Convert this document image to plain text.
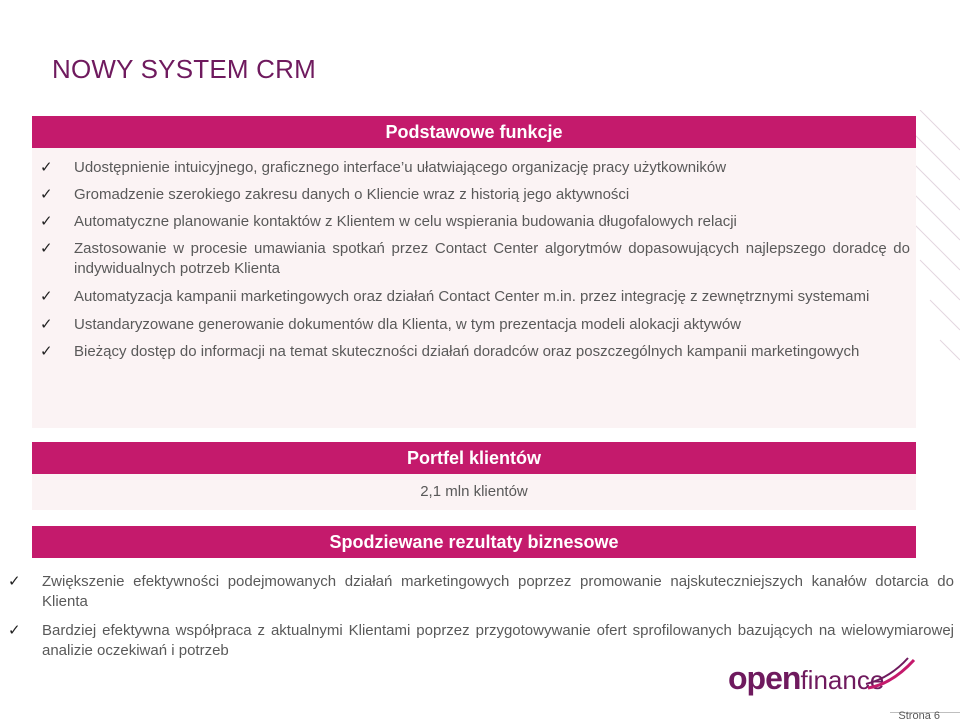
NOWY SYSTEM CRM
Podstawowe funkcje
✓ Udostępnienie intuicyjnego, graficznego interface’u ułatwiającego organizację pracy użytkowników
✓ Gromadzenie szerokiego zakresu danych o Kliencie wraz z historią jego aktywności
✓ Automatyczne planowanie kontaktów z Klientem w celu wspierania budowania długofalowych relacji
✓ Zastosowanie w procesie umawiania spotkań przez Contact Center algorytmów dopasowujących najlepszego doradcę do indywidualnych potrzeb Klienta
✓ Automatyzacja kampanii marketingowych oraz działań Contact Center m.in. przez integrację z zewnętrznymi systemami
✓ Ustandaryzowane generowanie dokumentów dla Klienta, w tym prezentacja modeli alokacji aktywów
✓ Bieżący dostęp do informacji na temat skuteczności działań doradców oraz poszczególnych kampanii marketingowych
Portfel klientów
2,1 mln klientów
Spodziewane rezultaty biznesowe
✓ Zwiększenie efektywności podejmowanych działań marketingowych poprzez promowanie najskuteczniejszych kanałów dotarcia do Klienta
✓ Bardziej efektywna współpraca z aktualnymi Klientami poprzez przygotowywanie ofert sprofilowanych bazujących na wielowymiarowej analizie oczekiwań i potrzeb
openfinance
Strona 6
